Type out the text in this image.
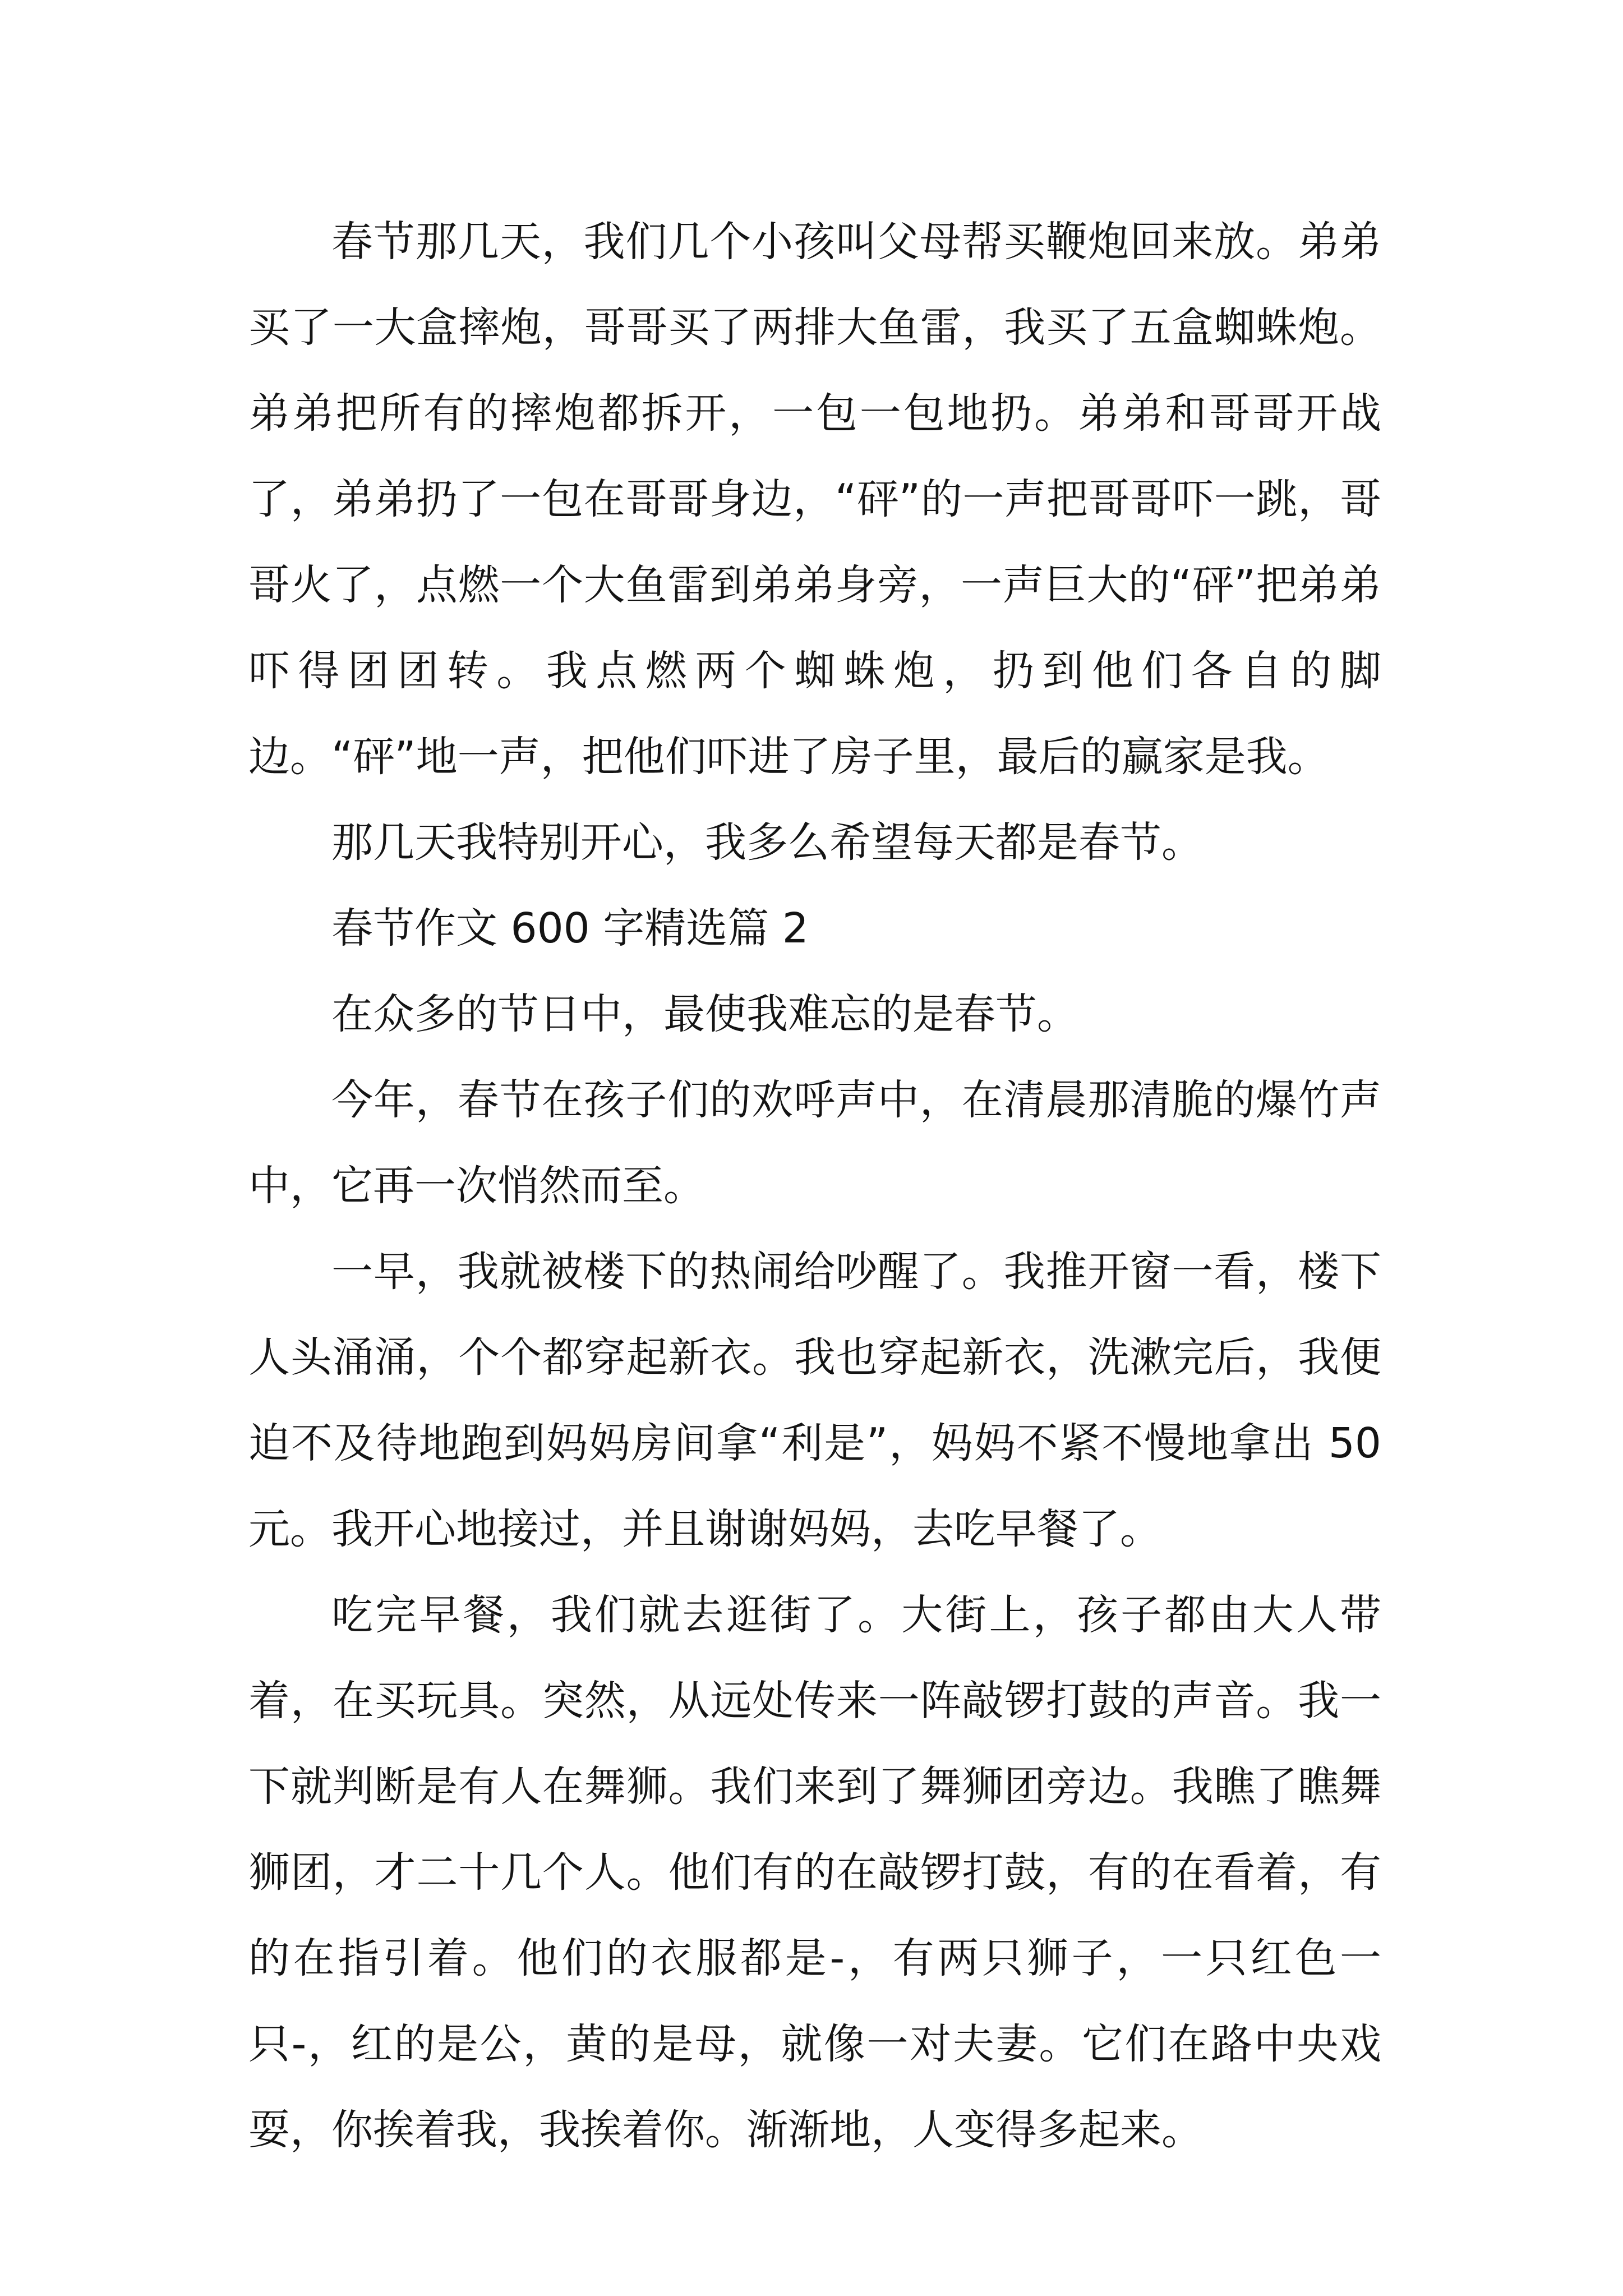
春节那几天，我们几个小孩叫父母帮买鞭炮回来放。弟弟买了一大盒摔炮，哥哥买了两排大鱼雷，我买了五盒蜘蛛炮。弟弟把所有的摔炮都拆开，一包一包地扔。弟弟和哥哥开战了，弟弟扔了一包在哥哥身边，“砰”的一声把哥哥吓一跳，哥哥火了，点燃一个大鱼雷到弟弟身旁，一声巨大的“砰”把弟弟吓得团团转。我点燃两个蜘蛛炮，扔到他们各自的脚边。“砰”地一声，把他们吓进了房子里，最后的赢家是我。

那几天我特别开心，我多么希望每天都是春节。

春节作文 600 字精选篇 2

在众多的节日中，最使我难忘的是春节。

今年，春节在孩子们的欢呼声中，在清晨那清脆的爆竹声中，它再一次悄然而至。

一早，我就被楼下的热闹给吵醒了。我推开窗一看，楼下人头涌涌，个个都穿起新衣。我也穿起新衣，洗漱完后，我便迫不及待地跑到妈妈房间拿“利是”，妈妈不紧不慢地拿出 50 元。我开心地接过，并且谢谢妈妈，去吃早餐了。

吃完早餐，我们就去逛街了。大街上，孩子都由大人带着，在买玩具。突然，从远处传来一阵敲锣打鼓的声音。我一下就判断是有人在舞狮。我们来到了舞狮团旁边。我瞧了瞧舞狮团，才二十几个人。他们有的在敲锣打鼓，有的在看着，有的在指引着。他们的衣服都是-，有两只狮子，一只红色一只-，红的是公，黄的是母，就像一对夫妻。它们在路中央戏耍，你挨着我，我挨着你。渐渐地，人变得多起来。
